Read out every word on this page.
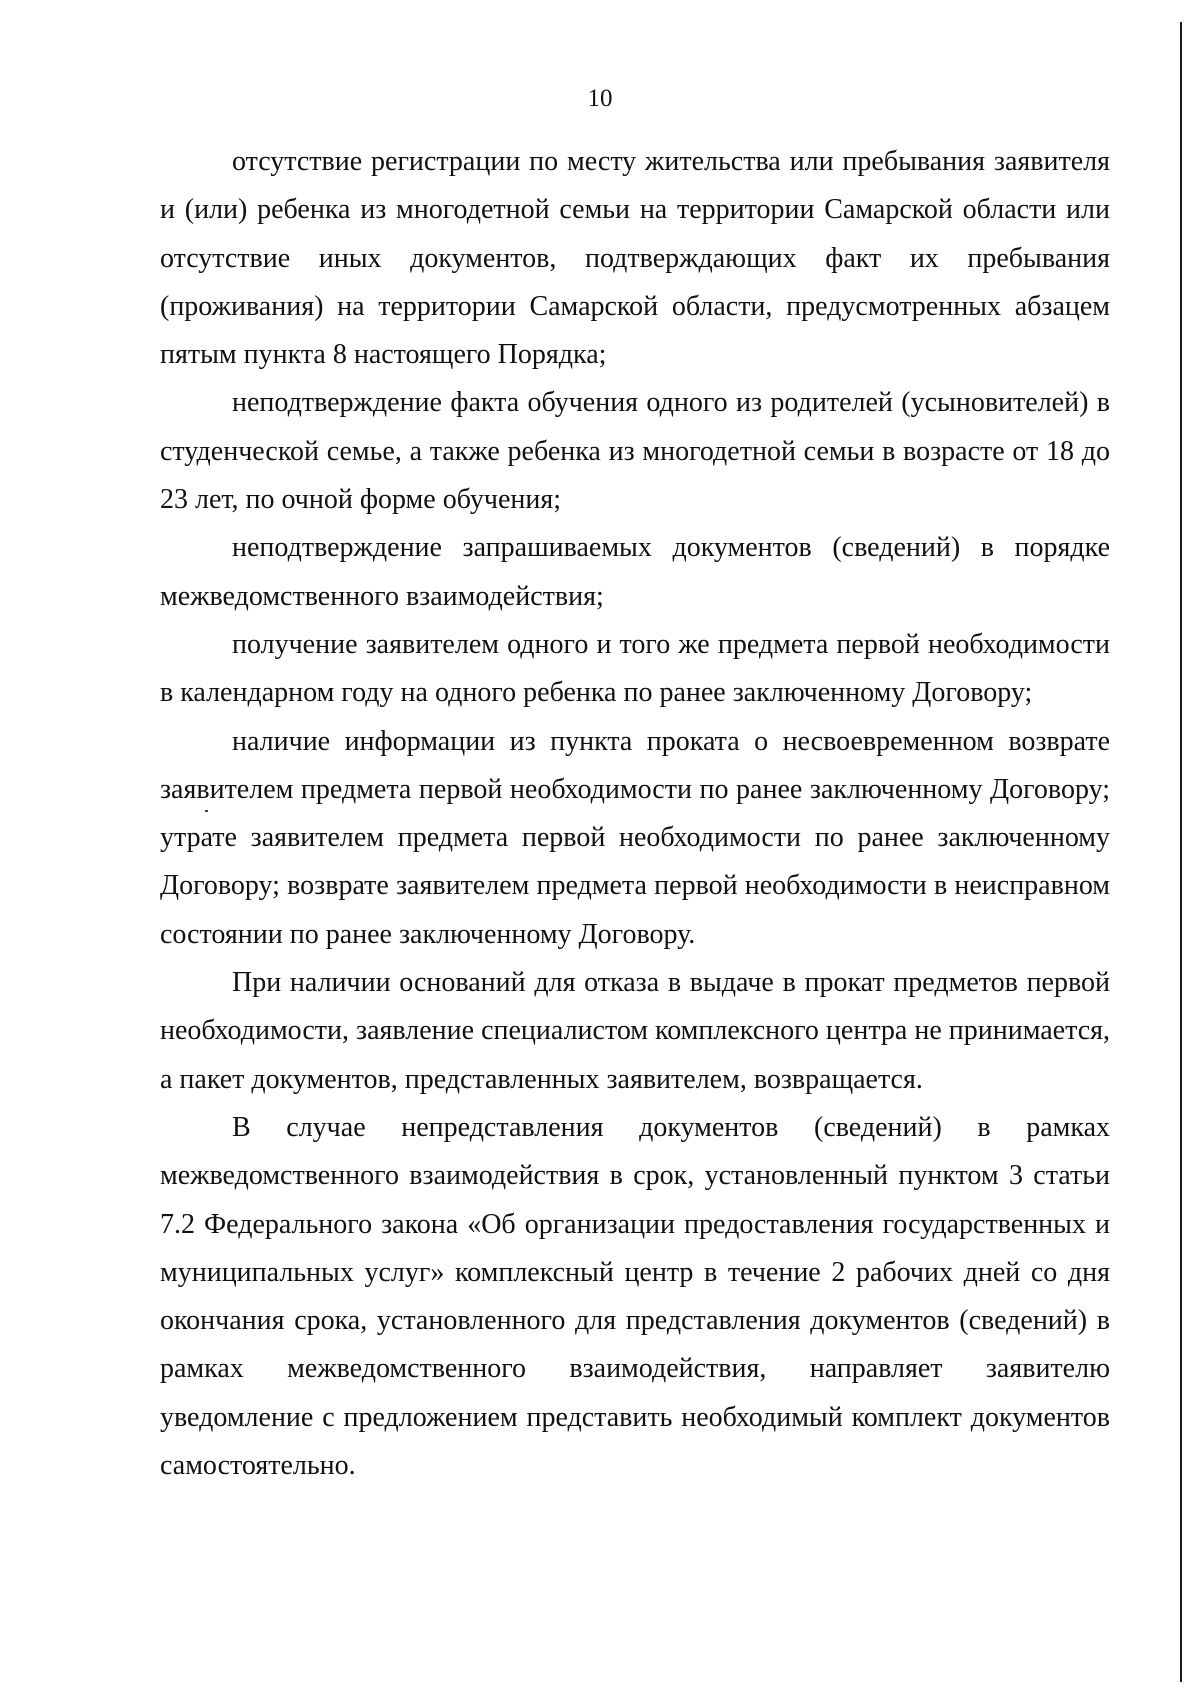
10

отсутствие регистрации по месту жительства или пребывания заявителя и (или) ребенка из многодетной семьи на территории Самарской области или отсутствие иных документов, подтверждающих факт их пребывания (проживания) на территории Самарской области, предусмотренных абзацем пятым пункта 8 настоящего Порядка;

неподтверждение факта обучения одного из родителей (усыновителей) в студенческой семье, а также ребенка из многодетной семьи в возрасте от 18 до 23 лет, по очной форме обучения;

неподтверждение запрашиваемых документов (сведений) в порядке межведомственного взаимодействия;

получение заявителем одного и того же предмета первой необходимости в календарном году на одного ребенка по ранее заключенному Договору;

наличие информации из пункта проката о несвоевременном возврате заявителем предмета первой необходимости по ранее заключенному Договору; утрате заявителем предмета первой необходимости по ранее заключенному Договору; возврате заявителем предмета первой необходимости в неисправном состоянии по ранее заключенному Договору.

При наличии оснований для отказа в выдаче в прокат предметов первой необходимости, заявление специалистом комплексного центра не принимается, а пакет документов, представленных заявителем, возвращается.

В случае непредставления документов (сведений) в рамках межведомственного взаимодействия в срок, установленный пунктом 3 статьи 7.2 Федерального закона «Об организации предоставления государственных и муниципальных услуг» комплексный центр в течение 2 рабочих дней со дня окончания срока, установленного для представления документов (сведений) в рамках межведомственного взаимодействия, направляет заявителю уведомление с предложением представить необходимый комплект документов самостоятельно.
